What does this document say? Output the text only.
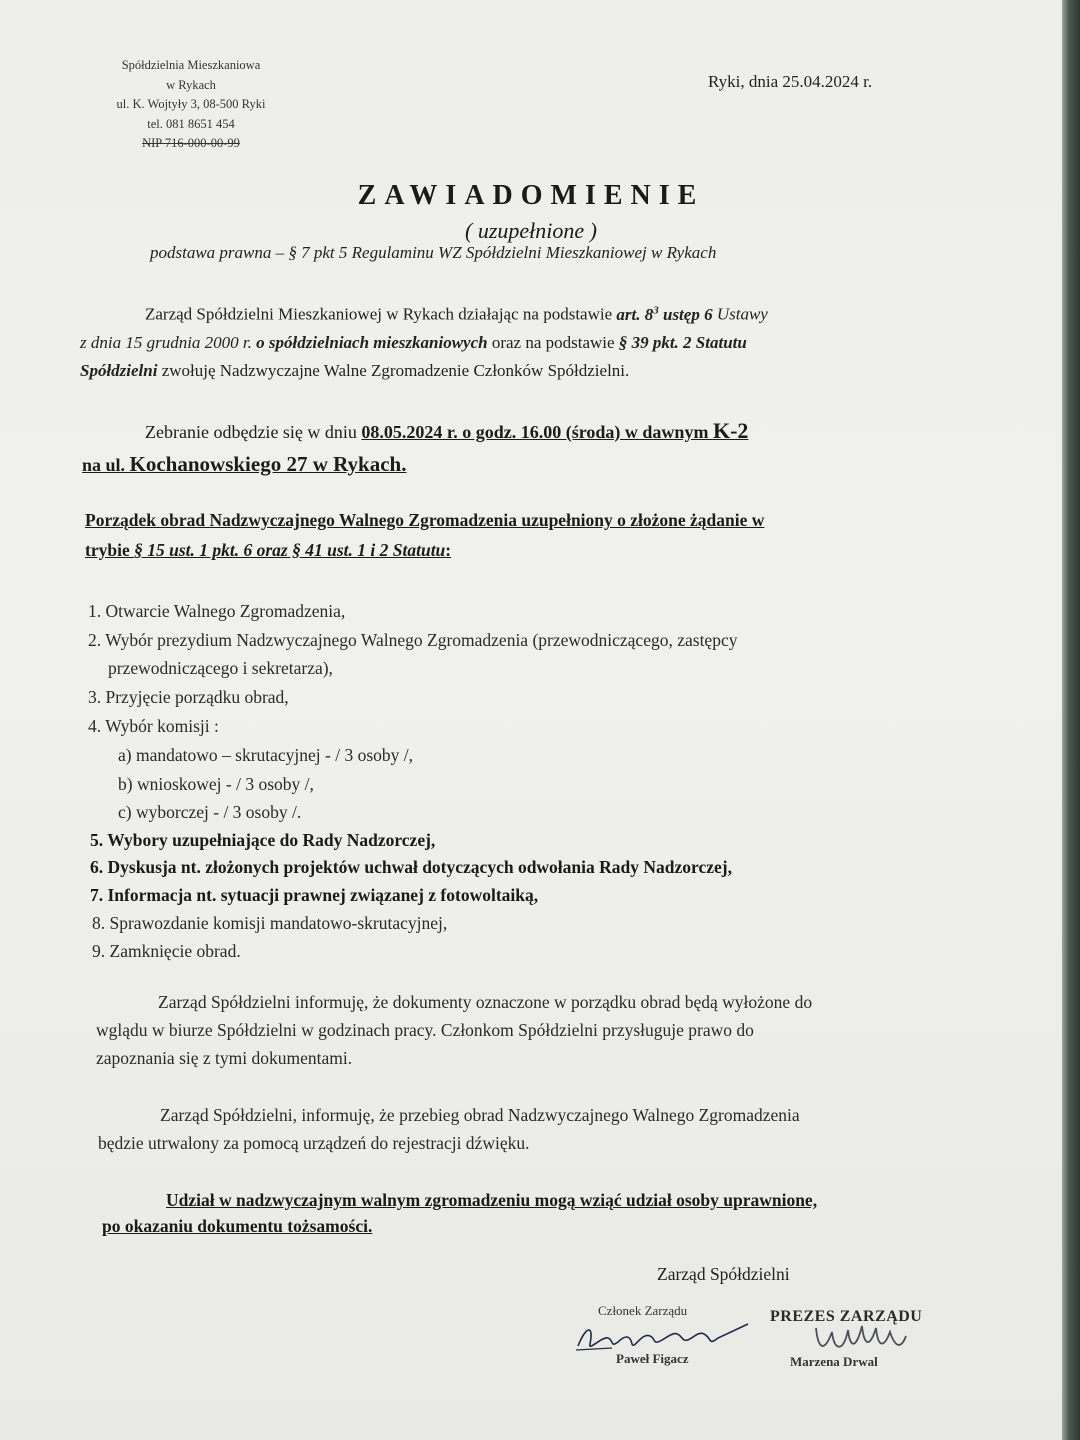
Spółdzielnia Mieszkaniowa
w Rykach
ul. K. Wojtyły 3, 08-500 Ryki
tel. 081 8651 454
NIP 716-000-00-99
Ryki, dnia 25.04.2024 r.
ZAWIADOMIENIE
( uzupełnione )
podstawa prawna – § 7 pkt 5 Regulaminu WZ Spółdzielni Mieszkaniowej w Rykach
Zarząd Spółdzielni Mieszkaniowej w Rykach działając na podstawie art. $8^3$ ustęp 6 Ustawy
z dnia 15 grudnia 2000 r. o spółdzielniach mieszkaniowych oraz na podstawie § 39 pkt. 2 Statutu
Spółdzielni zwołuję Nadzwyczajne Walne Zgromadzenie Członków Spółdzielni.
Zebranie odbędzie się w dniu 08.05.2024 r. o godz. 16.00 (środa) w dawnym K-2
na ul. Kochanowskiego 27 w Rykach.
Porządek obrad Nadzwyczajnego Walnego Zgromadzenia uzupełniony o złożone żądanie w
trybie § 15 ust. 1 pkt. 6 oraz § 41 ust. 1 i 2 Statutu:
1. Otwarcie Walnego Zgromadzenia,
2. Wybór prezydium Nadzwyczajnego Walnego Zgromadzenia (przewodniczącego, zastępcy
przewodniczącego i sekretarza),
3. Przyjęcie porządku obrad,
4. Wybór komisji :
a) mandatowo – skrutacyjnej - / 3 osoby /,
b) wnioskowej - / 3 osoby /,
c) wyborczej - / 3 osoby /.
5. Wybory uzupełniające do Rady Nadzorczej,
6. Dyskusja nt. złożonych projektów uchwał dotyczących odwołania Rady Nadzorczej,
7. Informacja nt. sytuacji prawnej związanej z fotowoltaiką,
8. Sprawozdanie komisji mandatowo-skrutacyjnej,
9. Zamknięcie obrad.
Zarząd Spółdzielni informuję, że dokumenty oznaczone w porządku obrad będą wyłożone do
wglądu w biurze Spółdzielni w godzinach pracy. Członkom Spółdzielni przysługuje prawo do
zapoznania się z tymi dokumentami.
Zarząd Spółdzielni, informuję, że przebieg obrad Nadzwyczajnego Walnego Zgromadzenia
będzie utrwalony za pomocą urządzeń do rejestracji dźwięku.
Udział w nadzwyczajnym walnym zgromadzeniu mogą wziąć udział osoby uprawnione,
po okazaniu dokumentu tożsamości.
Zarząd Spółdzielni
Członek Zarządu
Paweł Figacz
PREZES ZARZĄDU
Marzena Drwal
